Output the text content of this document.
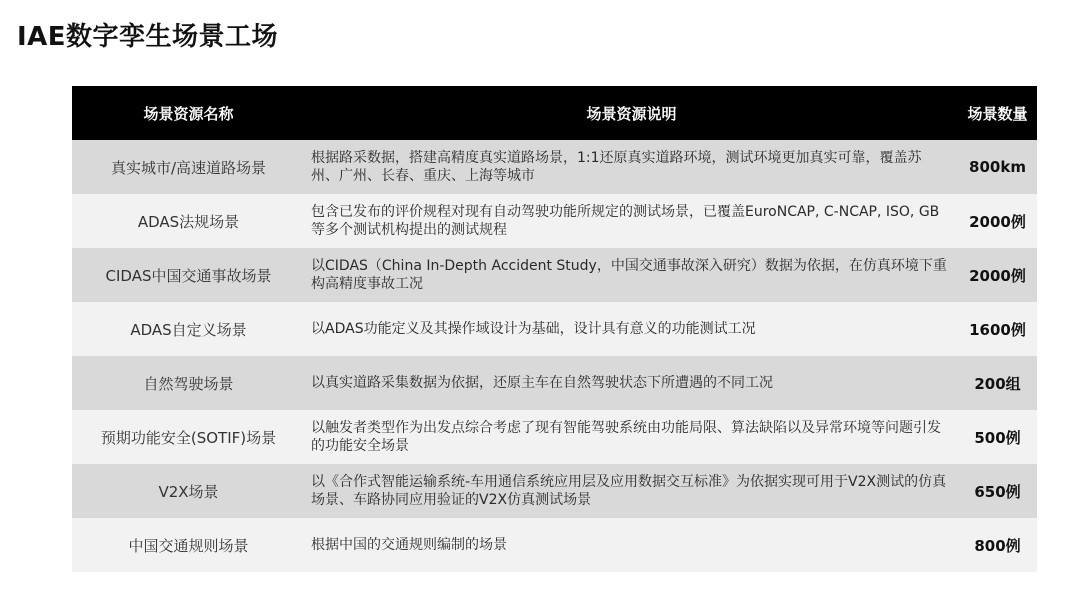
IAE数字孪生场景工场
场景资源名称	场景资源说明	场景数量
真实城市/高速道路场景	根据路采数据，搭建高精度真实道路场景，1:1还原真实道路环境，测试环境更加真实可靠，覆盖苏州、广州、长春、重庆、上海等城市	800km
ADAS法规场景	包含已发布的评价规程对现有自动驾驶功能所规定的测试场景，已覆盖EuroNCAP, C-NCAP, ISO, GB 等多个测试机构提出的测试规程	2000例
CIDAS中国交通事故场景	以CIDAS（China In-Depth Accident Study，中国交通事故深入研究）数据为依据，在仿真环境下重构高精度事故工况	2000例
ADAS自定义场景	以ADAS功能定义及其操作域设计为基础，设计具有意义的功能测试工况	1600例
自然驾驶场景	以真实道路采集数据为依据，还原主车在自然驾驶状态下所遭遇的不同工况	200组
预期功能安全(SOTIF)场景	以触发者类型作为出发点综合考虑了现有智能驾驶系统由功能局限、算法缺陷以及异常环境等问题引发的功能安全场景	500例
V2X场景	以《合作式智能运输系统-车用通信系统应用层及应用数据交互标准》为依据实现可用于V2X测试的仿真场景、车路协同应用验证的V2X仿真测试场景	650例
中国交通规则场景	根据中国的交通规则编制的场景	800例
